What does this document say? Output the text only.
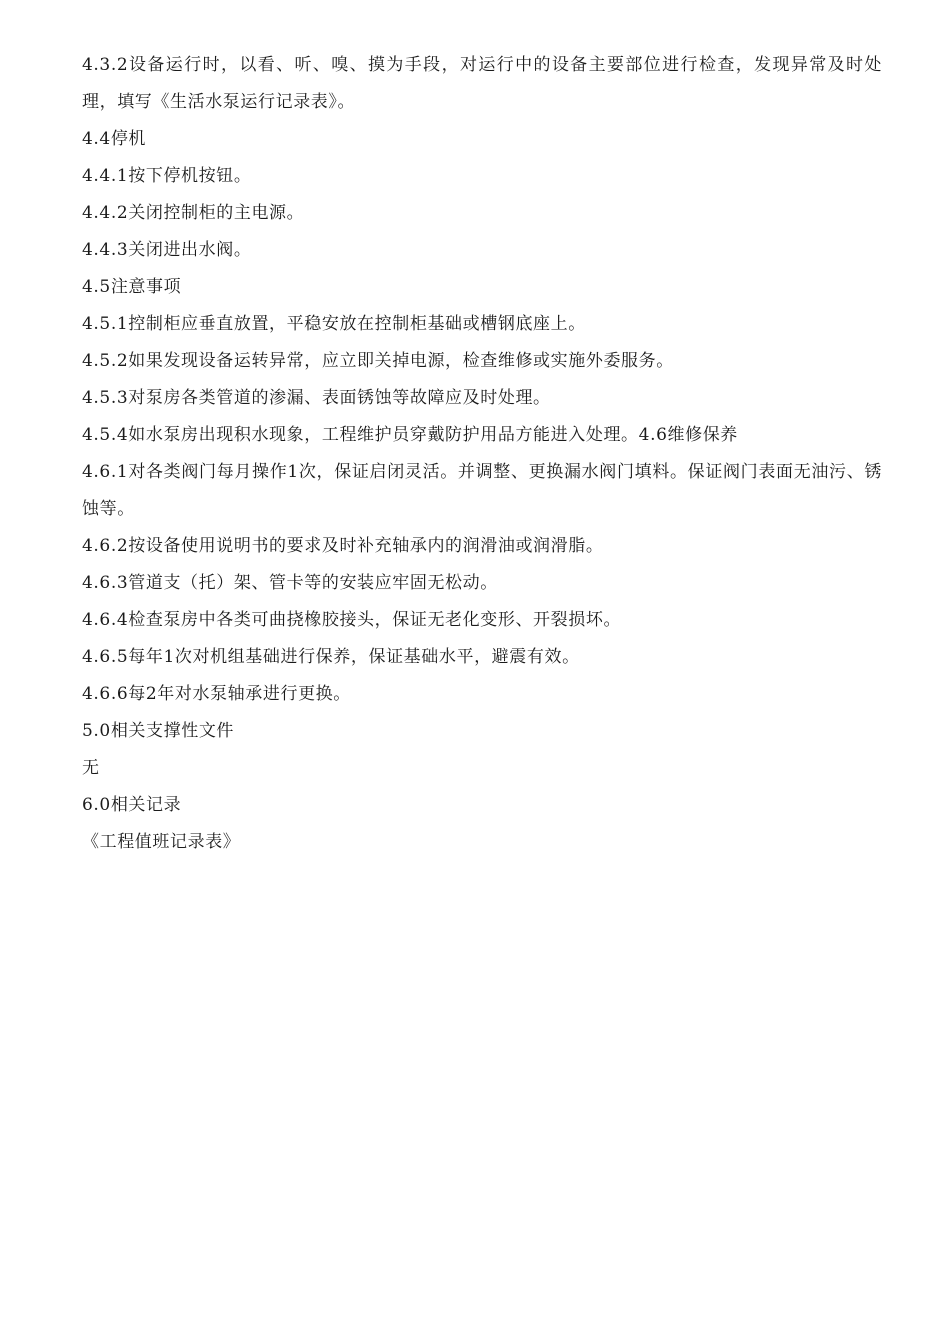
4.3.2设备运行时，以看、听、嗅、摸为手段，对运行中的设备主要部位进行检查，发现异常及时处理，填写《生活水泵运行记录表》。

4.4停机

4.4.1按下停机按钮。

4.4.2关闭控制柜的主电源。

4.4.3关闭进出水阀。

4.5注意事项

4.5.1控制柜应垂直放置，平稳安放在控制柜基础或槽钢底座上。

4.5.2如果发现设备运转异常，应立即关掉电源，检查维修或实施外委服务。

4.5.3对泵房各类管道的渗漏、表面锈蚀等故障应及时处理。

4.5.4如水泵房出现积水现象，工程维护员穿戴防护用品方能进入处理。4.6维修保养

4.6.1对各类阀门每月操作1次，保证启闭灵活。并调整、更换漏水阀门填料。保证阀门表面无油污、锈蚀等。

4.6.2按设备使用说明书的要求及时补充轴承内的润滑油或润滑脂。

4.6.3管道支（托）架、管卡等的安装应牢固无松动。

4.6.4检查泵房中各类可曲挠橡胶接头，保证无老化变形、开裂损坏。

4.6.5每年1次对机组基础进行保养，保证基础水平，避震有效。

4.6.6每2年对水泵轴承进行更换。

5.0相关支撑性文件

无

6.0相关记录

《工程值班记录表》
